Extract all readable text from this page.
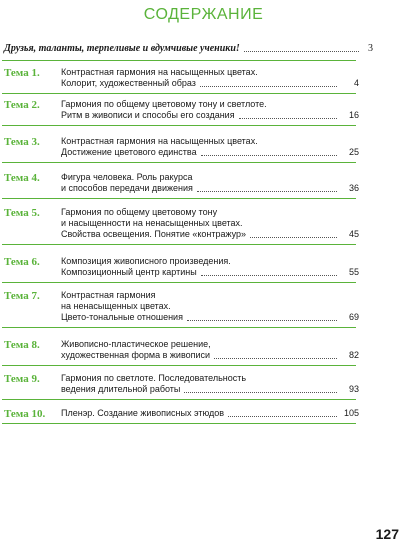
СОДЕРЖАНИЕ
Друзья, таланты, терпеливые и вдумчивые ученики!	3
Тема 1. Контрастная гармония на насыщенных цветах.
Колорит, художественный образ	4
Тема 2. Гармония по общему цветовому тону и светлоте.
Ритм в живописи и способы его создания	16
Тема 3. Контрастная гармония на насыщенных цветах.
Достижение цветового единства	25
Тема 4. Фигура человека. Роль ракурса
и способов передачи движения	36
Тема 5. Гармония по общему цветовому тону
и насыщенности на ненасыщенных цветах.
Свойства освещения. Понятие «контражур»	45
Тема 6. Композиция живописного произведения.
Композиционный центр картины	55
Тема 7. Контрастная гармония
на ненасыщенных цветах.
Цвето-тональные отношения	69
Тема 8. Живописно-пластическое решение,
художественная форма в живописи	82
Тема 9. Гармония по светлоте. Последовательность
ведения длительной работы	93
Тема 10. Пленэр. Создание живописных этюдов	105
127
